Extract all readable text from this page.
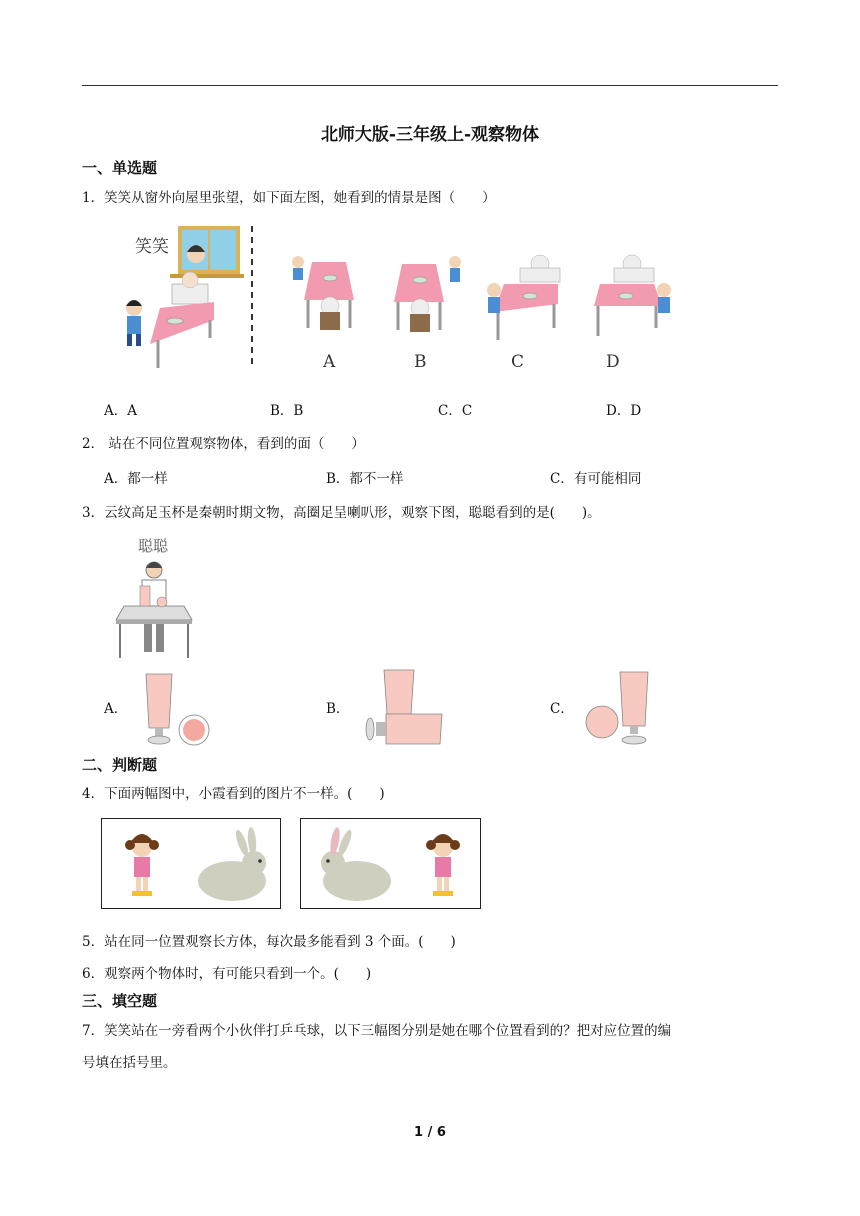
北师大版-三年级上-观察物体
一、单选题
1．笑笑从窗外向屋里张望，如下面左图，她看到的情景是图（　　）
笑笑
A	B	C	D
A．A	B．B	C．C	D．D
2． 站在不同位置观察物体，看到的面（　　）
A．都一样	B．都不一样	C．有可能相同
3．云纹高足玉杯是秦朝时期文物，高圈足呈喇叭形，观察下图，聪聪看到的是(　　)。
聪聪
A．	B．	C．
二、判断题
4．下面两幅图中，小霞看到的图片不一样。(　　)
5．站在同一位置观察长方体，每次最多能看到 3 个面。(　　)
6．观察两个物体时，有可能只看到一个。(　　)
三、填空题
7．笑笑站在一旁看两个小伙伴打乒乓球，以下三幅图分别是她在哪个位置看到的？把对应位置的编
号填在括号里。
1 / 6
